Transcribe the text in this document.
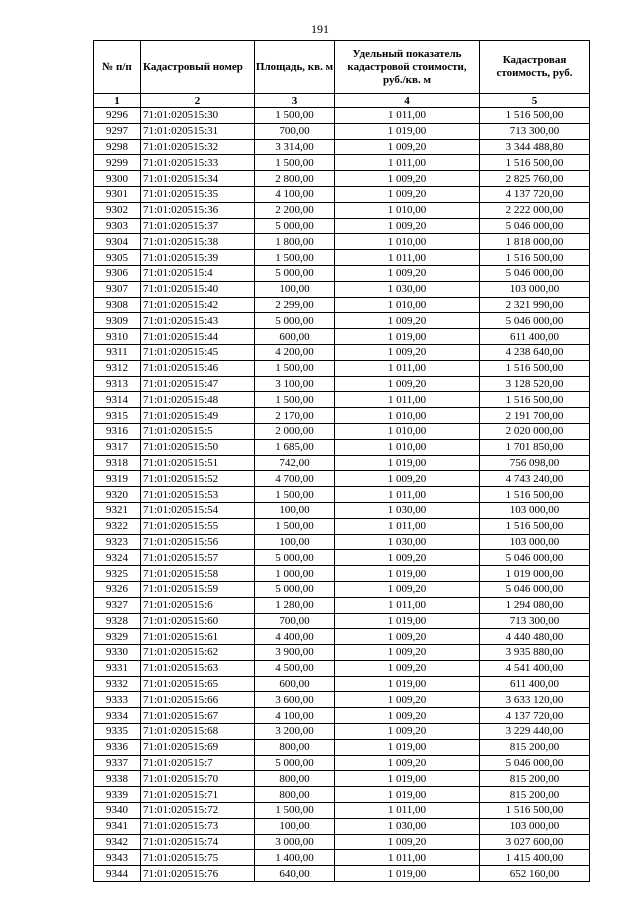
191
№ п/п	Кадастровый номер	Площадь, кв. м	Удельный показатель кадастровой стоимости, руб./кв. м	Кадастровая стоимость, руб.
1	2	3	4	5
9296	71:01:020515:30	1 500,00	1 011,00	1 516 500,00
9297	71:01:020515:31	700,00	1 019,00	713 300,00
9298	71:01:020515:32	3 314,00	1 009,20	3 344 488,80
9299	71:01:020515:33	1 500,00	1 011,00	1 516 500,00
9300	71:01:020515:34	2 800,00	1 009,20	2 825 760,00
9301	71:01:020515:35	4 100,00	1 009,20	4 137 720,00
9302	71:01:020515:36	2 200,00	1 010,00	2 222 000,00
9303	71:01:020515:37	5 000,00	1 009,20	5 046 000,00
9304	71:01:020515:38	1 800,00	1 010,00	1 818 000,00
9305	71:01:020515:39	1 500,00	1 011,00	1 516 500,00
9306	71:01:020515:4	5 000,00	1 009,20	5 046 000,00
9307	71:01:020515:40	100,00	1 030,00	103 000,00
9308	71:01:020515:42	2 299,00	1 010,00	2 321 990,00
9309	71:01:020515:43	5 000,00	1 009,20	5 046 000,00
9310	71:01:020515:44	600,00	1 019,00	611 400,00
9311	71:01:020515:45	4 200,00	1 009,20	4 238 640,00
9312	71:01:020515:46	1 500,00	1 011,00	1 516 500,00
9313	71:01:020515:47	3 100,00	1 009,20	3 128 520,00
9314	71:01:020515:48	1 500,00	1 011,00	1 516 500,00
9315	71:01:020515:49	2 170,00	1 010,00	2 191 700,00
9316	71:01:020515:5	2 000,00	1 010,00	2 020 000,00
9317	71:01:020515:50	1 685,00	1 010,00	1 701 850,00
9318	71:01:020515:51	742,00	1 019,00	756 098,00
9319	71:01:020515:52	4 700,00	1 009,20	4 743 240,00
9320	71:01:020515:53	1 500,00	1 011,00	1 516 500,00
9321	71:01:020515:54	100,00	1 030,00	103 000,00
9322	71:01:020515:55	1 500,00	1 011,00	1 516 500,00
9323	71:01:020515:56	100,00	1 030,00	103 000,00
9324	71:01:020515:57	5 000,00	1 009,20	5 046 000,00
9325	71:01:020515:58	1 000,00	1 019,00	1 019 000,00
9326	71:01:020515:59	5 000,00	1 009,20	5 046 000,00
9327	71:01:020515:6	1 280,00	1 011,00	1 294 080,00
9328	71:01:020515:60	700,00	1 019,00	713 300,00
9329	71:01:020515:61	4 400,00	1 009,20	4 440 480,00
9330	71:01:020515:62	3 900,00	1 009,20	3 935 880,00
9331	71:01:020515:63	4 500,00	1 009,20	4 541 400,00
9332	71:01:020515:65	600,00	1 019,00	611 400,00
9333	71:01:020515:66	3 600,00	1 009,20	3 633 120,00
9334	71:01:020515:67	4 100,00	1 009,20	4 137 720,00
9335	71:01:020515:68	3 200,00	1 009,20	3 229 440,00
9336	71:01:020515:69	800,00	1 019,00	815 200,00
9337	71:01:020515:7	5 000,00	1 009,20	5 046 000,00
9338	71:01:020515:70	800,00	1 019,00	815 200,00
9339	71:01:020515:71	800,00	1 019,00	815 200,00
9340	71:01:020515:72	1 500,00	1 011,00	1 516 500,00
9341	71:01:020515:73	100,00	1 030,00	103 000,00
9342	71:01:020515:74	3 000,00	1 009,20	3 027 600,00
9343	71:01:020515:75	1 400,00	1 011,00	1 415 400,00
9344	71:01:020515:76	640,00	1 019,00	652 160,00
